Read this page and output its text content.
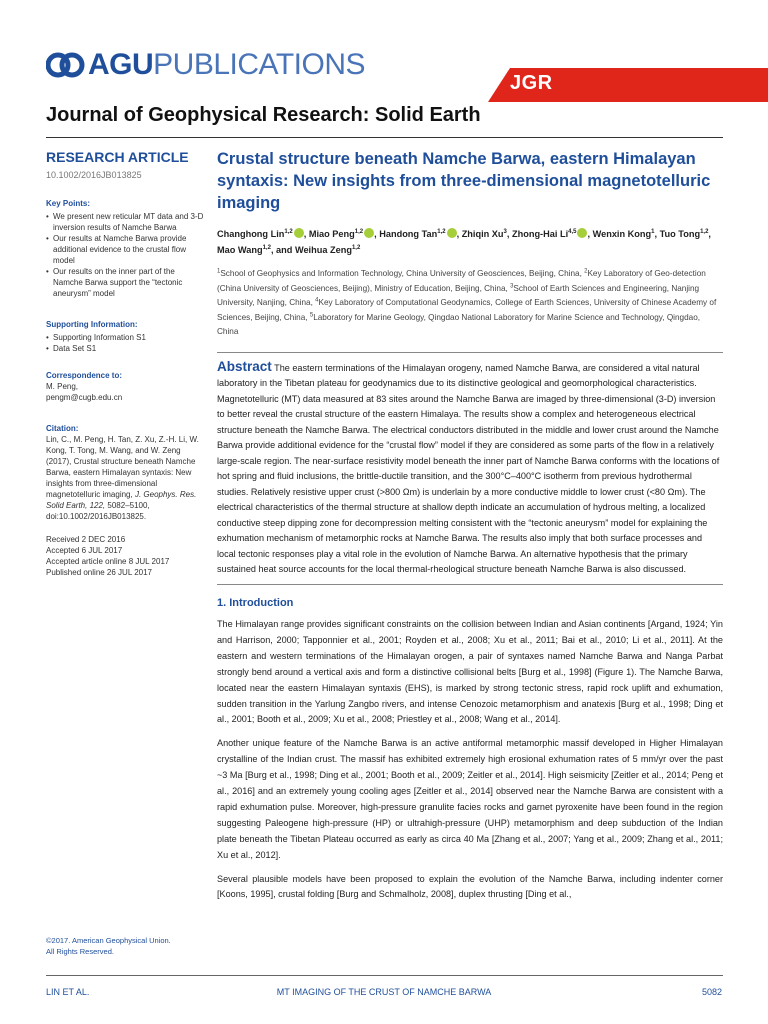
AGUPUBLICATIONS
JGR
Journal of Geophysical Research: Solid Earth
RESEARCH ARTICLE
10.1002/2016JB013825

Key Points:

• We present new reticular MT data and 3-D inversion results of Namche Barwa
• Our results at Namche Barwa provide additional evidence to the crustal flow model
• Our results on the inner part of the Namche Barwa support the “tectonic aneurysm” model

Supporting Information:

• Supporting Information S1
• Data Set S1

Correspondence to:

M. Peng,

pengm@cugb.edu.cn

Citation:

Lin, C., M. Peng, H. Tan, Z. Xu, Z.-H. Li, W. Kong, T. Tong, M. Wang, and W. Zeng (2017), Crustal structure beneath Namche Barwa, eastern Himalayan syntaxis: New insights from three-dimensional magnetotelluric imaging, J. Geophys. Res. Solid Earth, 122, 5082–5100, doi:10.1002/2016JB013825.

Received 2 DEC 2016

Accepted 6 JUL 2017

Accepted article online 8 JUL 2017

Published online 26 JUL 2017

©2017. American Geophysical Union.
All Rights Reserved.
Crustal structure beneath Namche Barwa, eastern Himalayan syntaxis: New insights from three-dimensional magnetotelluric imaging
Changhong Lin$^{1,2}$ , Miao Peng$^{1,2}$ , Handong Tan$^{1,2}$ , Zhiqin Xu$^3$, Zhong-Hai Li$^{4,5}$ , Wenxin Kong$^1$, Tuo Tong$^{1,2}$, Mao Wang$^{1,2}$, and Weihua Zeng$^{1,2}$
$^1$School of Geophysics and Information Technology, China University of Geosciences, Beijing, China, $^2$Key Laboratory of Geo-detection (China University of Geosciences, Beijing), Ministry of Education, Beijing, China, $^3$School of Earth Sciences and Engineering, Nanjing University, Nanjing, China, $^4$Key Laboratory of Computational Geodynamics, College of Earth Sciences, University of Chinese Academy of Sciences, Beijing, China, $^5$Laboratory for Marine Geology, Qingdao National Laboratory for Marine Science and Technology, Qingdao, China
Abstract The eastern terminations of the Himalayan orogeny, named Namche Barwa, are considered a vital natural laboratory in the Tibetan plateau for geodynamics due to its distinctive geological and geomorphological characteristics. Magnetotelluric (MT) data measured at 83 sites around the Namche Barwa are imaged by three-dimensional (3-D) inversion to better reveal the crustal structure of the eastern Himalaya. The results show a complex and heterogeneous electrical structure beneath the Namche Barwa. The electrical conductors distributed in the middle and lower crust around the Namche Barwa provide additional evidence for the “crustal flow” model if they are considered as some parts of the flow in a relatively large-scale region. The near-surface resistivity model beneath the inner part of Namche Barwa conforms with the locations of hot spring and fluid inclusions, the brittle-ductile transition, and the 300°C–400°C isotherm from previous hydrothermal studies. Relatively resistive upper crust (>800 Ωm) is underlain by a more conductive middle to lower crust (<80 Ωm). The electrical characteristics of the thermal structure at shallow depth indicate an accumulation of hydrous melting, a localized conductive steep dipping zone for decompression melting consistent with the “tectonic aneurysm” model for explaining the exhumation mechanism of metamorphic rocks at Namche Barwa. The results also imply that both surface processes and local tectonic responses play a vital role in the evolution of Namche Barwa. An alternative hypothesis that the primary sustained heat source accounts for the local thermal-rheological structure beneath Namche Barwa is also discussed.
1. Introduction

The Himalayan range provides significant constraints on the collision between Indian and Asian continents [Argand, 1924; Yin and Harrison, 2000; Tapponnier et al., 2001; Royden et al., 2008; Xu et al., 2011; Bai et al., 2010; Li et al., 2011]. At the eastern and western terminations of the Himalayan orogen, a pair of syntaxes named Namche Barwa and Nanga Parbat strongly bend around a vertical axis and form a distinctive collisional belts [Burg et al., 1998] (Figure 1). The Namche Barwa, located near the eastern Himalayan syntaxis (EHS), is marked by strong tectonic stress, rapid rock uplift and exhumation, sudden transition in the Yarlung Zangbo rivers, and intense Cenozoic metamorphism and anatexis [Burg et al., 1998; Ding et al., 2001; Booth et al., 2009; Xu et al., 2008; Priestley et al., 2008; Wang et al., 2014].

Another unique feature of the Namche Barwa is an active antiformal metamorphic massif developed in Higher Himalayan crystalline of the Indian crust. The massif has exhibited extremely high erosional exhumation rates of 5 mm/yr over the past ~3 Ma [Burg et al., 1998; Ding et al., 2001; Booth et al., 2009; Zeitler et al., 2014]. High seismicity [Zeitler et al., 2014; Peng et al., 2016] and an extremely young cooling ages [Zeitler et al., 2014] observed near the Namche Barwa are consistent with a rapid exhumation pulse. Moreover, high-pressure granulite facies rocks and garnet pyroxenite have been found in the region suggesting Paleogene high-pressure (HP) or ultrahigh-pressure (UHP) metamorphism and deep subduction of the Indian plate beneath the Tibetan Plateau occurred as early as circa 40 Ma [Zhang et al., 2007; Yang et al., 2009; Zhang et al., 2011; Xu et al., 2012].

Several plausible models have been proposed to explain the evolution of the Namche Barwa, including indenter corner [Koons, 1995], crustal folding [Burg and Schmalholz, 2008], duplex thrusting [Ding et al.,

LIN ET AL.	MT IMAGING OF THE CRUST OF NAMCHE BARWA	5082
